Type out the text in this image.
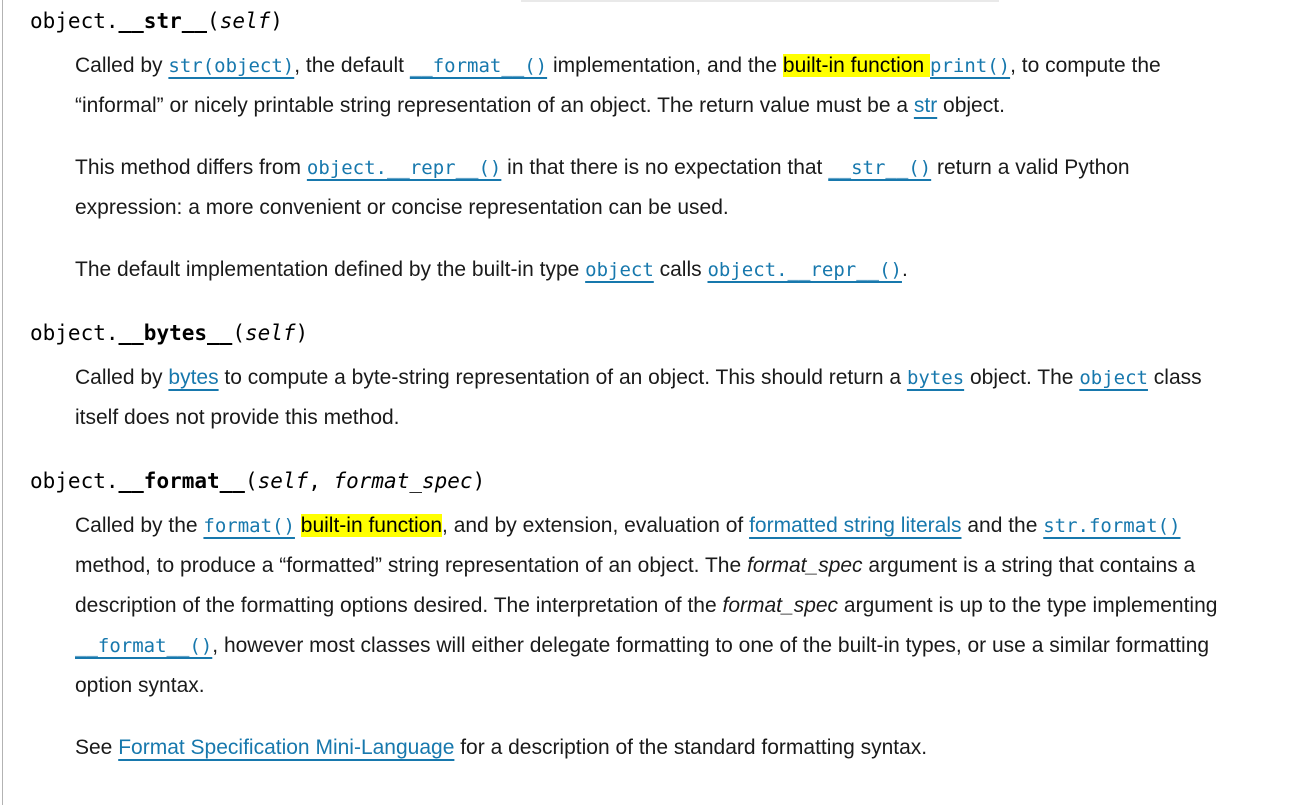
object.__str__(self)

Called by str(object), the default __format__() implementation, and the built-in function print(), to compute the “informal” or nicely printable string representation of an object. The return value must be a str object.

This method differs from object.__repr__() in that there is no expectation that __str__() return a valid Python expression: a more convenient or concise representation can be used.

The default implementation defined by the built-in type object calls object.__repr__().

object.__bytes__(self)

Called by bytes to compute a byte-string representation of an object. This should return a bytes object. The object class itself does not provide this method.

object.__format__(self, format_spec)

Called by the format() built-in function, and by extension, evaluation of formatted string literals and the str.format() method, to produce a “formatted” string representation of an object. The format_spec argument is a string that contains a description of the formatting options desired. The interpretation of the format_spec argument is up to the type implementing __format__(), however most classes will either delegate formatting to one of the built-in types, or use a similar formatting option syntax.

See Format Specification Mini-Language for a description of the standard formatting syntax.
